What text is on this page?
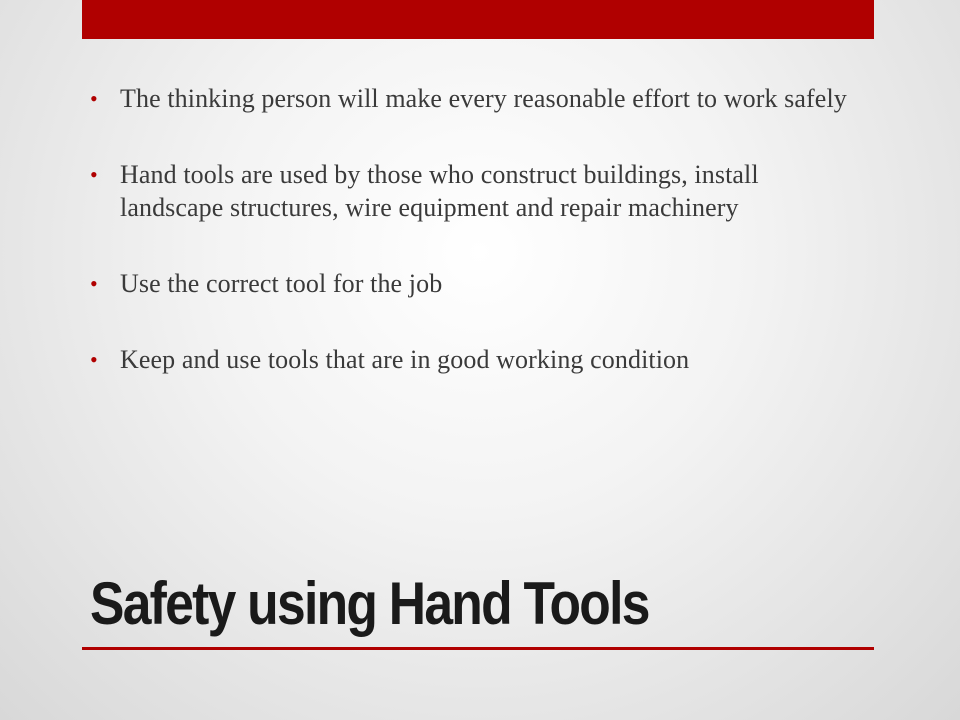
• The thinking person will make every reasonable effort to work safely
• Hand tools are used by those who construct buildings, install landscape structures, wire equipment and repair machinery
• Use the correct tool for the job
• Keep and use tools that are in good working condition
Safety using Hand Tools
